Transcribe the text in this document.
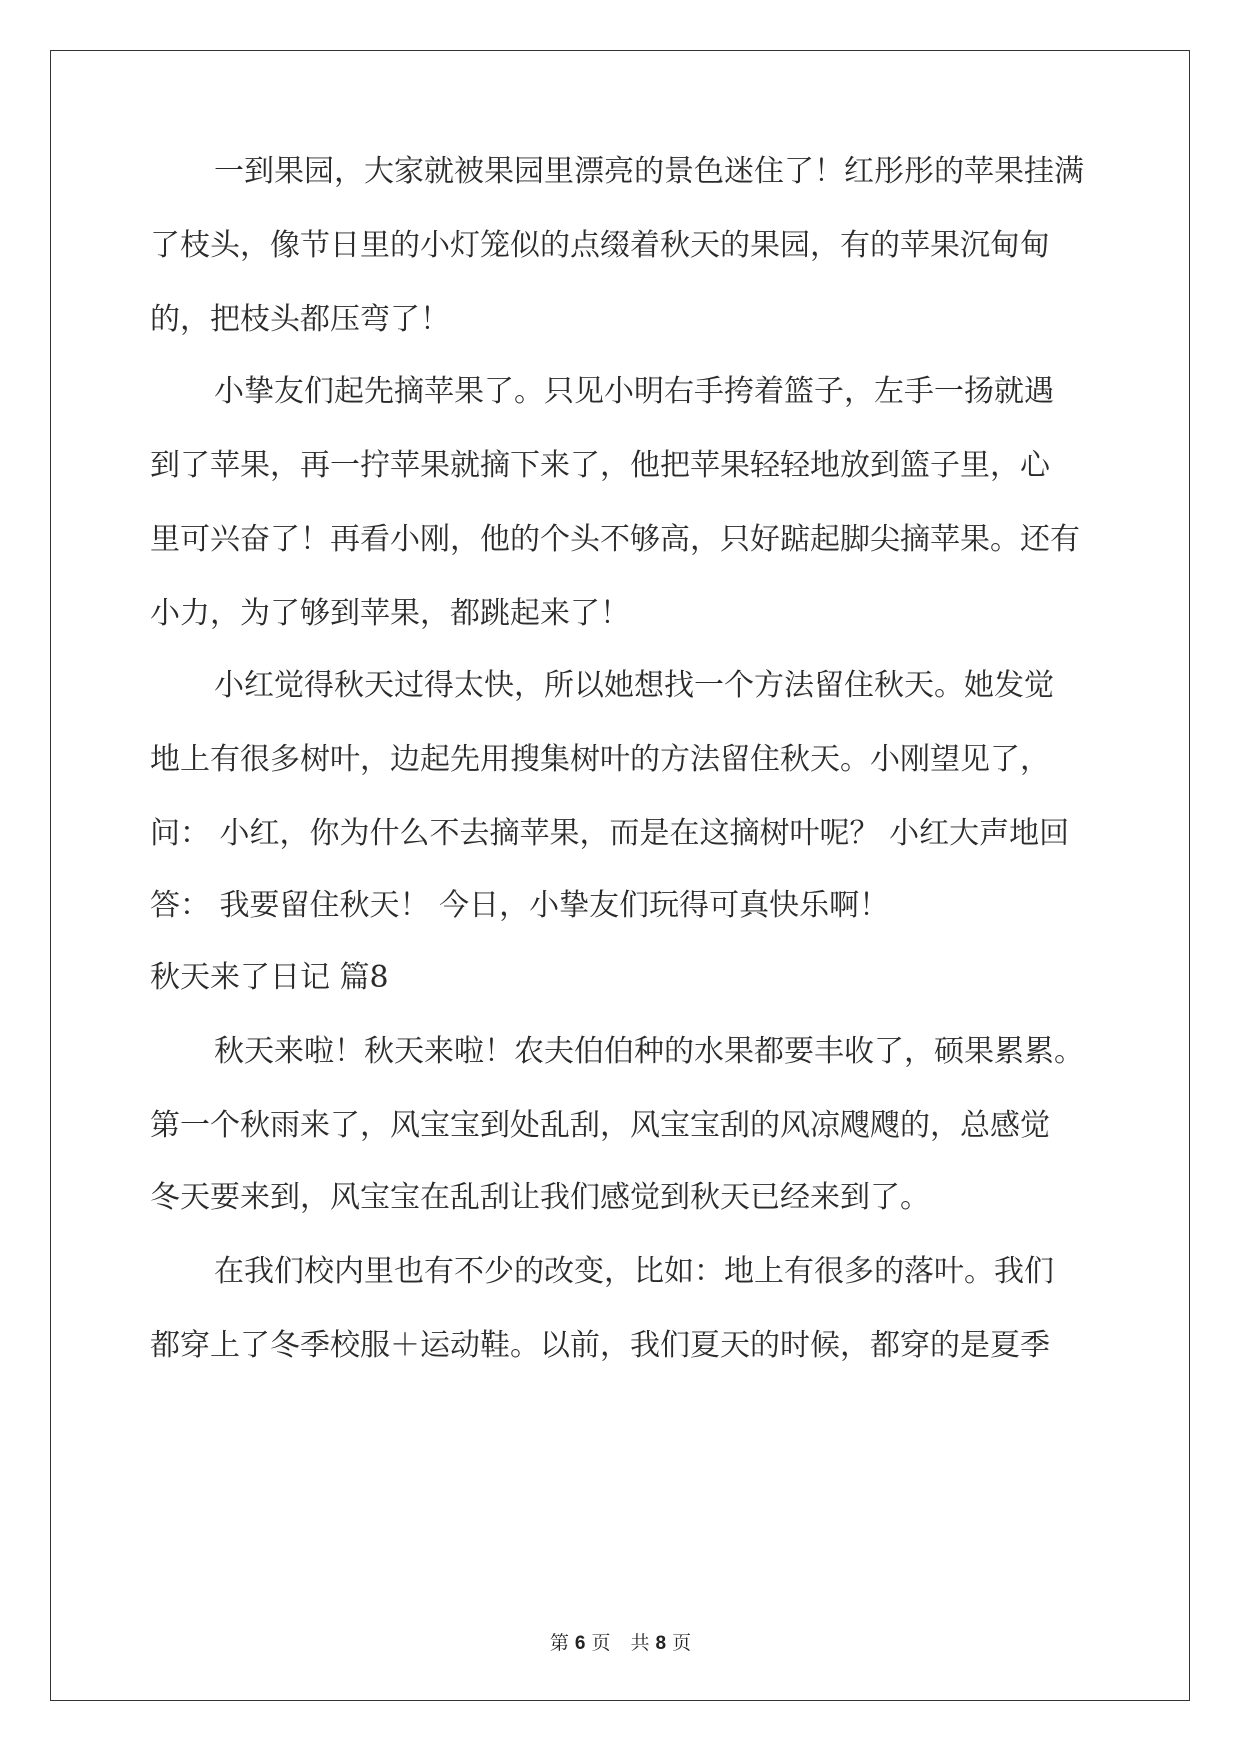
一到果园，大家就被果园里漂亮的景色迷住了！红彤彤的苹果挂满

了枝头，像节日里的小灯笼似的点缀着秋天的果园，有的苹果沉甸甸

的，把枝头都压弯了！

小挚友们起先摘苹果了。只见小明右手挎着篮子，左手一扬就遇

到了苹果，再一拧苹果就摘下来了，他把苹果轻轻地放到篮子里，心

里可兴奋了！再看小刚，他的个头不够高，只好踮起脚尖摘苹果。还有

小力，为了够到苹果，都跳起来了！

小红觉得秋天过得太快，所以她想找一个方法留住秋天。她发觉

地上有很多树叶，边起先用搜集树叶的方法留住秋天。小刚望见了，

问： 小红，你为什么不去摘苹果，而是在这摘树叶呢？ 小红大声地回

答： 我要留住秋天！ 今日，小挚友们玩得可真快乐啊！

秋天来了日记 篇8

秋天来啦！秋天来啦！农夫伯伯种的水果都要丰收了，硕果累累。

第一个秋雨来了，风宝宝到处乱刮，风宝宝刮的风凉飕飕的，总感觉

冬天要来到，风宝宝在乱刮让我们感觉到秋天已经来到了。

在我们校内里也有不少的改变，比如：地上有很多的落叶。我们

都穿上了冬季校服＋运动鞋。以前，我们夏天的时候，都穿的是夏季

第 6 页 共 8 页
